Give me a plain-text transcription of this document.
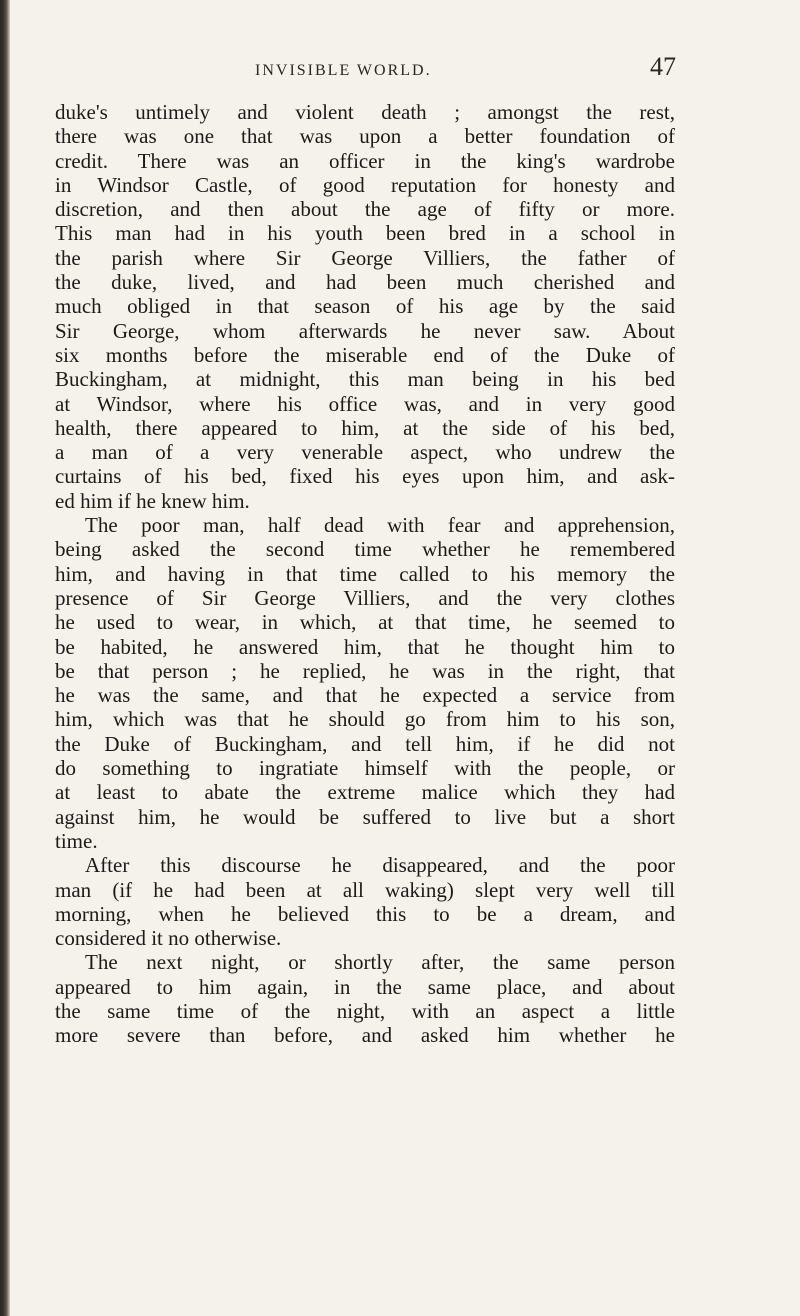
INVISIBLE WORLD.	47
duke's untimely and violent death ; amongst the rest,
there was one that was upon a better foundation of
credit. There was an officer in the king's wardrobe
in Windsor Castle, of good reputation for honesty and
discretion, and then about the age of fifty or more.
This man had in his youth been bred in a school in
the parish where Sir George Villiers, the father of
the duke, lived, and had been much cherished and
much obliged in that season of his age by the said
Sir George, whom afterwards he never saw. About
six months before the miserable end of the Duke of
Buckingham, at midnight, this man being in his bed
at Windsor, where his office was, and in very good
health, there appeared to him, at the side of his bed,
a man of a very venerable aspect, who undrew the
curtains of his bed, fixed his eyes upon him, and ask-
ed him if he knew him.
The poor man, half dead with fear and apprehension,
being asked the second time whether he remembered
him, and having in that time called to his memory the
presence of Sir George Villiers, and the very clothes
he used to wear, in which, at that time, he seemed to
be habited, he answered him, that he thought him to
be that person ; he replied, he was in the right, that
he was the same, and that he expected a service from
him, which was that he should go from him to his son,
the Duke of Buckingham, and tell him, if he did not
do something to ingratiate himself with the people, or
at least to abate the extreme malice which they had
against him, he would be suffered to live but a short
time.
After this discourse he disappeared, and the poor
man (if he had been at all waking) slept very well till
morning, when he believed this to be a dream, and
considered it no otherwise.
The next night, or shortly after, the same person
appeared to him again, in the same place, and about
the same time of the night, with an aspect a little
more severe than before, and asked him whether he
